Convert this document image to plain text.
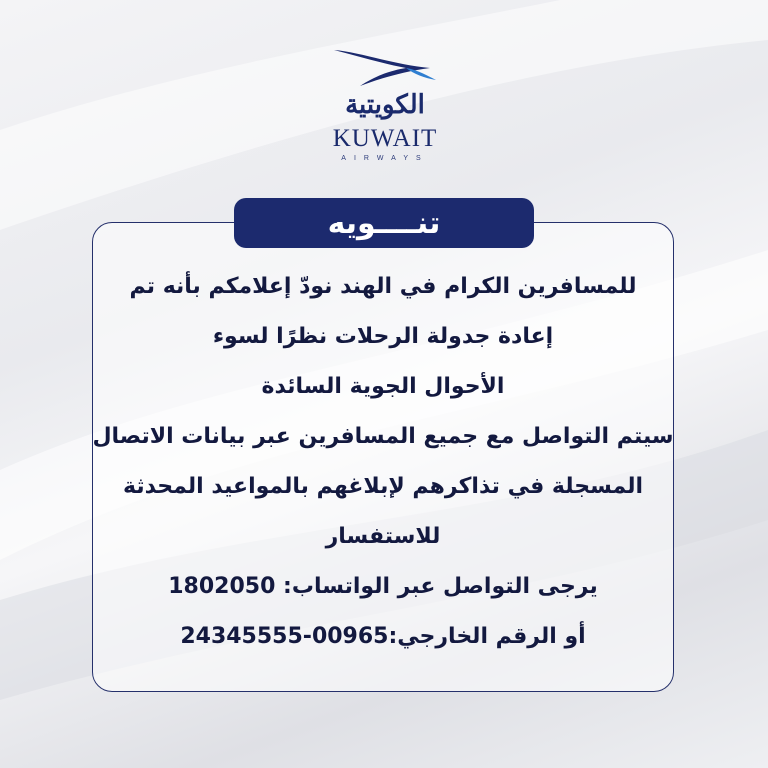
الكويتية
KUWAIT
AIRWAYS
تنــــويه
للمسافرين الكرام في الهند نودّ إعلامكم بأنه تم
إعادة جدولة الرحلات نظرًا لسوء
الأحوال الجوية السائدة
سيتم التواصل مع جميع المسافرين عبر بيانات الاتصال
المسجلة في تذاكرهم لإبلاغهم بالمواعيد المحدثة
للاستفسار
يرجى التواصل عبر الواتساب: 1802050
أو الرقم الخارجي:00965-24345555
